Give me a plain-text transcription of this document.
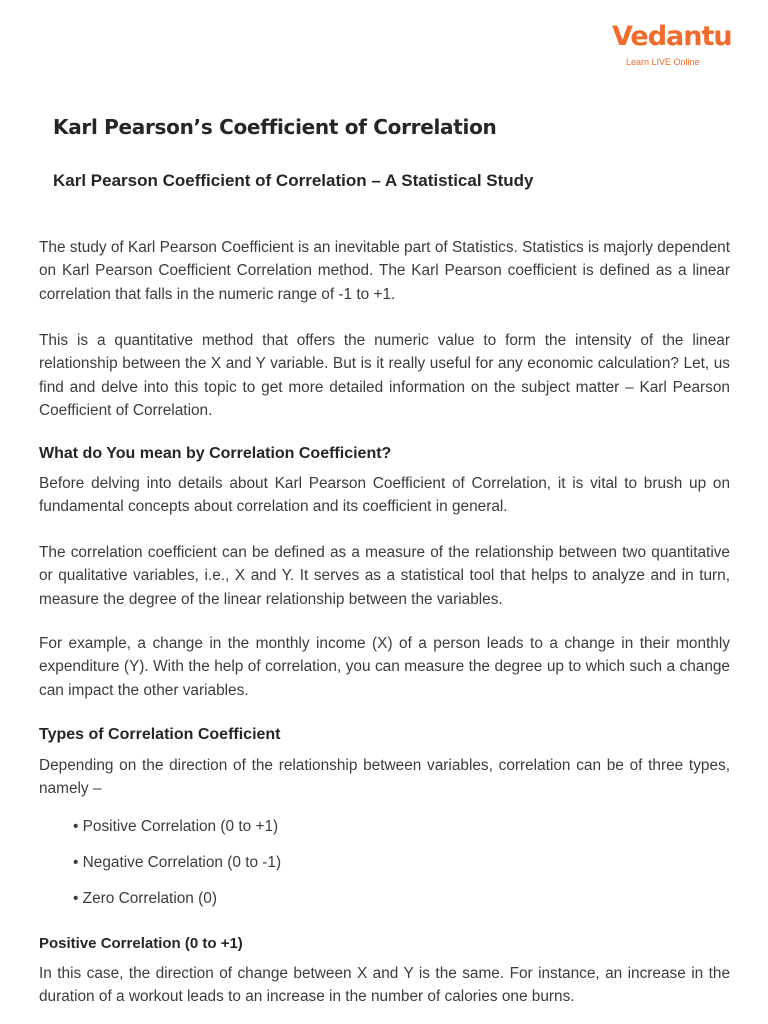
Vedantu
Learn LIVE Online
Karl Pearson’s Coefficient of Correlation
Karl Pearson Coefficient of Correlation – A Statistical Study

The study of Karl Pearson Coefficient is an inevitable part of Statistics. Statistics is majorly dependent on Karl Pearson Coefficient Correlation method. The Karl Pearson coefficient is defined as a linear correlation that falls in the numeric range of -1 to +1.

This is a quantitative method that offers the numeric value to form the intensity of the linear relationship between the X and Y variable. But is it really useful for any economic calculation? Let, us find and delve into this topic to get more detailed information on the subject matter – Karl Pearson Coefficient of Correlation.

What do You mean by Correlation Coefficient?

Before delving into details about Karl Pearson Coefficient of Correlation, it is vital to brush up on fundamental concepts about correlation and its coefficient in general.

The correlation coefficient can be defined as a measure of the relationship between two quantitative or qualitative variables, i.e., X and Y. It serves as a statistical tool that helps to analyze and in turn, measure the degree of the linear relationship between the variables.

For example, a change in the monthly income (X) of a person leads to a change in their monthly expenditure (Y). With the help of correlation, you can measure the degree up to which such a change can impact the other variables.

Types of Correlation Coefficient

Depending on the direction of the relationship between variables, correlation can be of three types, namely –

• Positive Correlation (0 to +1)

• Negative Correlation (0 to -1)

• Zero Correlation (0)

Positive Correlation (0 to +1)

In this case, the direction of change between X and Y is the same. For instance, an increase in the duration of a workout leads to an increase in the number of calories one burns.
